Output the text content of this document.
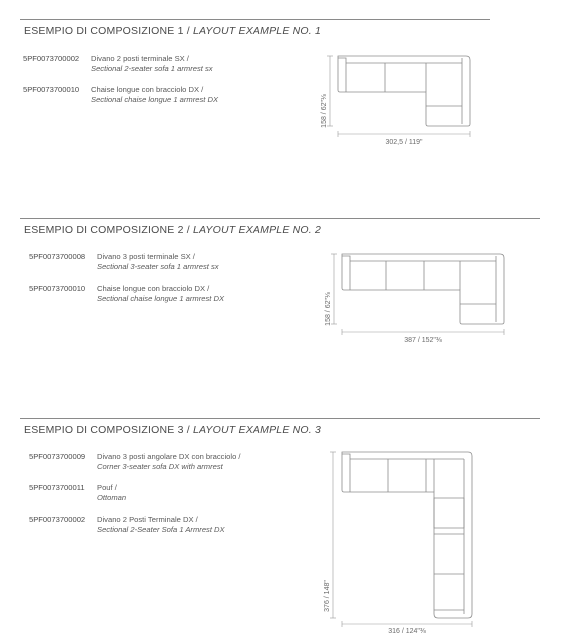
ESEMPIO DI COMPOSIZIONE 1 / LAYOUT EXAMPLE NO. 1
5PF0073700002 Divano 2 posti terminale SX /
Sectional 2-seater sofa 1 armrest sx
5PF0073700010 Chaise longue con bracciolo DX /
Sectional chaise longue 1 armrest DX	158 / 62"⅛
302,5 / 119"
ESEMPIO DI COMPOSIZIONE 2 / LAYOUT EXAMPLE NO. 2
5PF0073700008 Divano 3 posti terminale SX /
Sectional 3-seater sofa 1 armrest sx
5PF0073700010 Chaise longue con bracciolo DX /
Sectional chaise longue 1 armrest DX	158 / 62"⅛
387 / 152"⅜
ESEMPIO DI COMPOSIZIONE 3 / LAYOUT EXAMPLE NO. 3
5PF0073700009 Divano 3 posti angolare DX con bracciolo /
Corner 3-seater sofa DX with armrest
5PF0073700011 Pouf /
Ottoman
5PF0073700002 Divano 2 Posti Terminale DX /
Sectional 2-Seater Sofa 1 Armrest DX
376 / 148"
316 / 124"⅜
